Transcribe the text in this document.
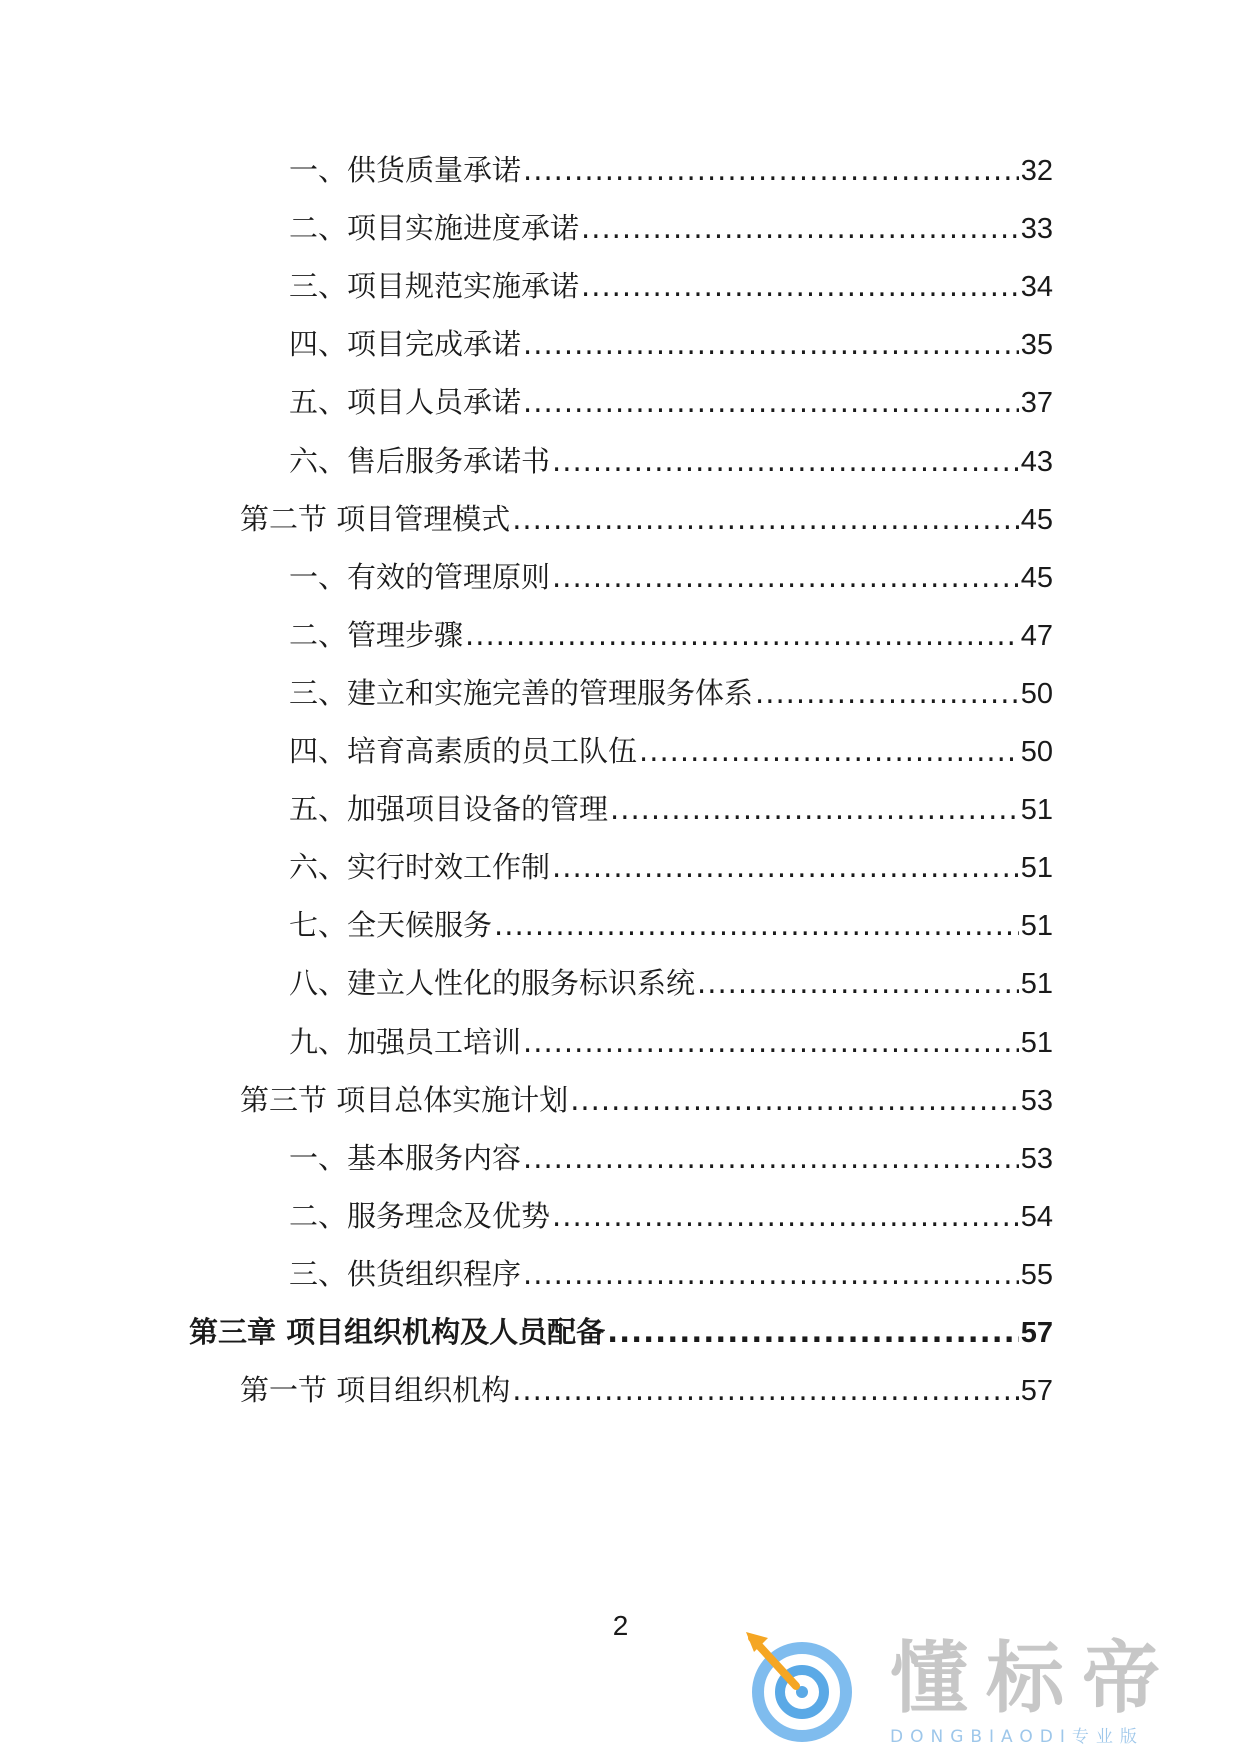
一、供货质量承诺 .....	32
二、项目实施进度承诺 .....	33
三、项目规范实施承诺 .....	34
四、项目完成承诺 .....	35
五、项目人员承诺 .....	37
六、售后服务承诺书 .....	43
第二节 项目管理模式 .....	45
一、有效的管理原则 .....	45
二、管理步骤 .....	47
三、建立和实施完善的管理服务体系 .....	50
四、培育高素质的员工队伍 .....	50
五、加强项目设备的管理 .....	51
六、实行时效工作制 .....	51
七、全天候服务 .....	51
八、建立人性化的服务标识系统 .....	51
九、加强员工培训 .....	51
第三节 项目总体实施计划 .....	53
一、基本服务内容 .....	53
二、服务理念及优势 .....	54
三、供货组织程序 .....	55
第三章 项目组织机构及人员配备 .....	57
第一节 项目组织机构 .....	57
2
懂标帝
DONGBIAODI专业版
